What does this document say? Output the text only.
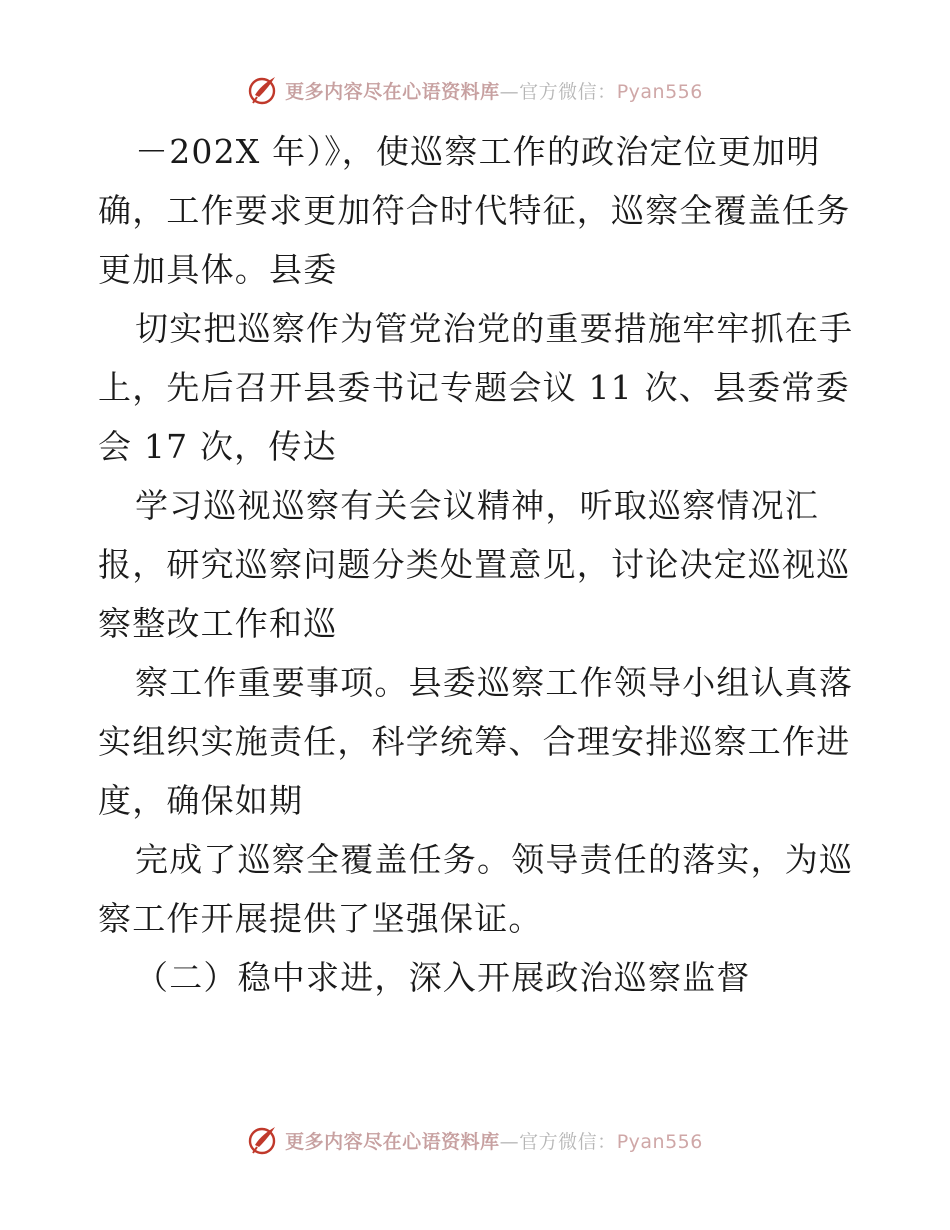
更多内容尽在心语资料库—官方微信：Pyan556
－202X 年）》，使巡察工作的政治定位更加明
确，工作要求更加符合时代特征，巡察全覆盖任务
更加具体。县委
切实把巡察作为管党治党的重要措施牢牢抓在手
上，先后召开县委书记专题会议 11 次、县委常委
会 17 次，传达
学习巡视巡察有关会议精神，听取巡察情况汇
报，研究巡察问题分类处置意见，讨论决定巡视巡
察整改工作和巡
察工作重要事项。县委巡察工作领导小组认真落
实组织实施责任，科学统筹、合理安排巡察工作进
度，确保如期
完成了巡察全覆盖任务。领导责任的落实，为巡
察工作开展提供了坚强保证。
（二）稳中求进，深入开展政治巡察监督
更多内容尽在心语资料库—官方微信：Pyan556
